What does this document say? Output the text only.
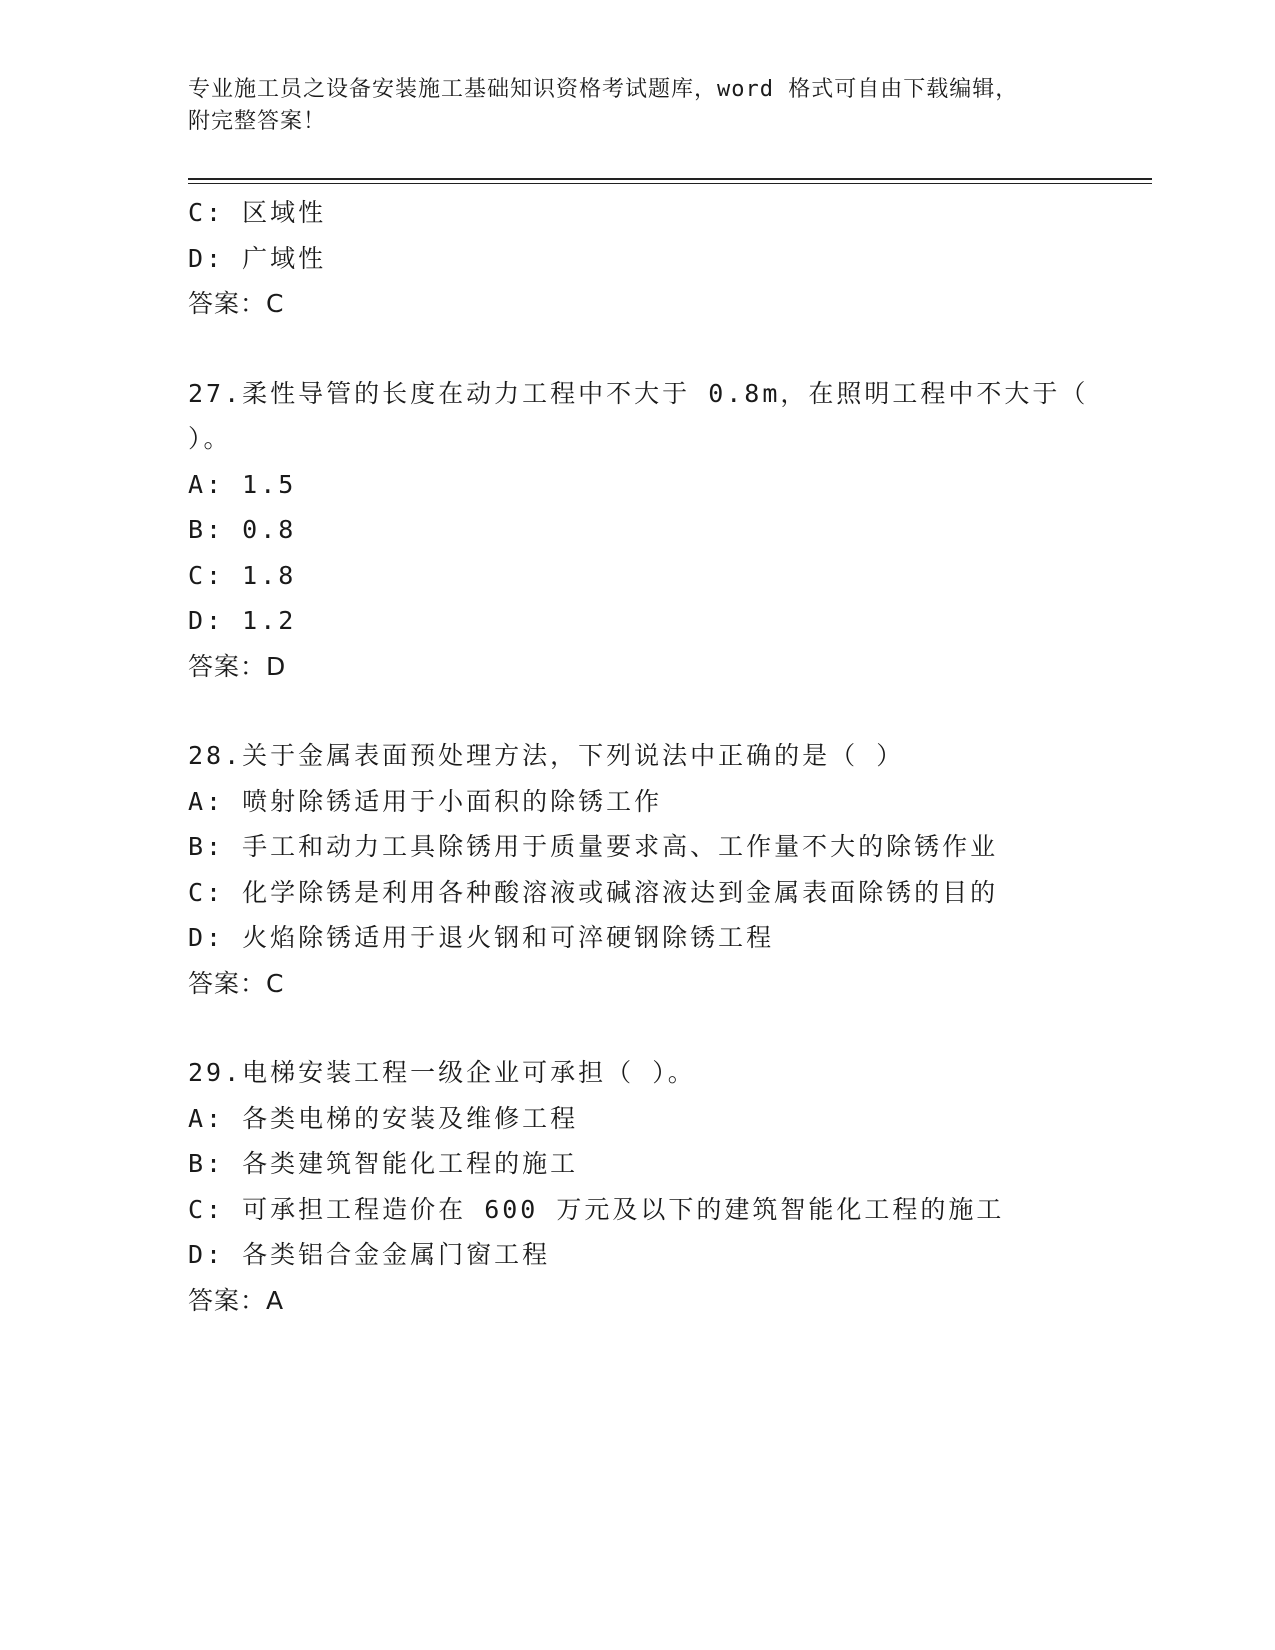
专业施工员之设备安装施工基础知识资格考试题库，word 格式可自由下载编辑，
附完整答案！
C: 区域性
D: 广域性
答案：C
27.柔性导管的长度在动力工程中不大于 0.8m，在照明工程中不大于（
）。
A: 1.5
B: 0.8
C: 1.8
D: 1.2
答案：D
28.关于金属表面预处理方法，下列说法中正确的是（ ）
A: 喷射除锈适用于小面积的除锈工作
B: 手工和动力工具除锈用于质量要求高、工作量不大的除锈作业
C: 化学除锈是利用各种酸溶液或碱溶液达到金属表面除锈的目的
D: 火焰除锈适用于退火钢和可淬硬钢除锈工程
答案：C
29.电梯安装工程一级企业可承担（ ）。
A: 各类电梯的安装及维修工程
B: 各类建筑智能化工程的施工
C: 可承担工程造价在 600 万元及以下的建筑智能化工程的施工
D: 各类铝合金金属门窗工程
答案：A
